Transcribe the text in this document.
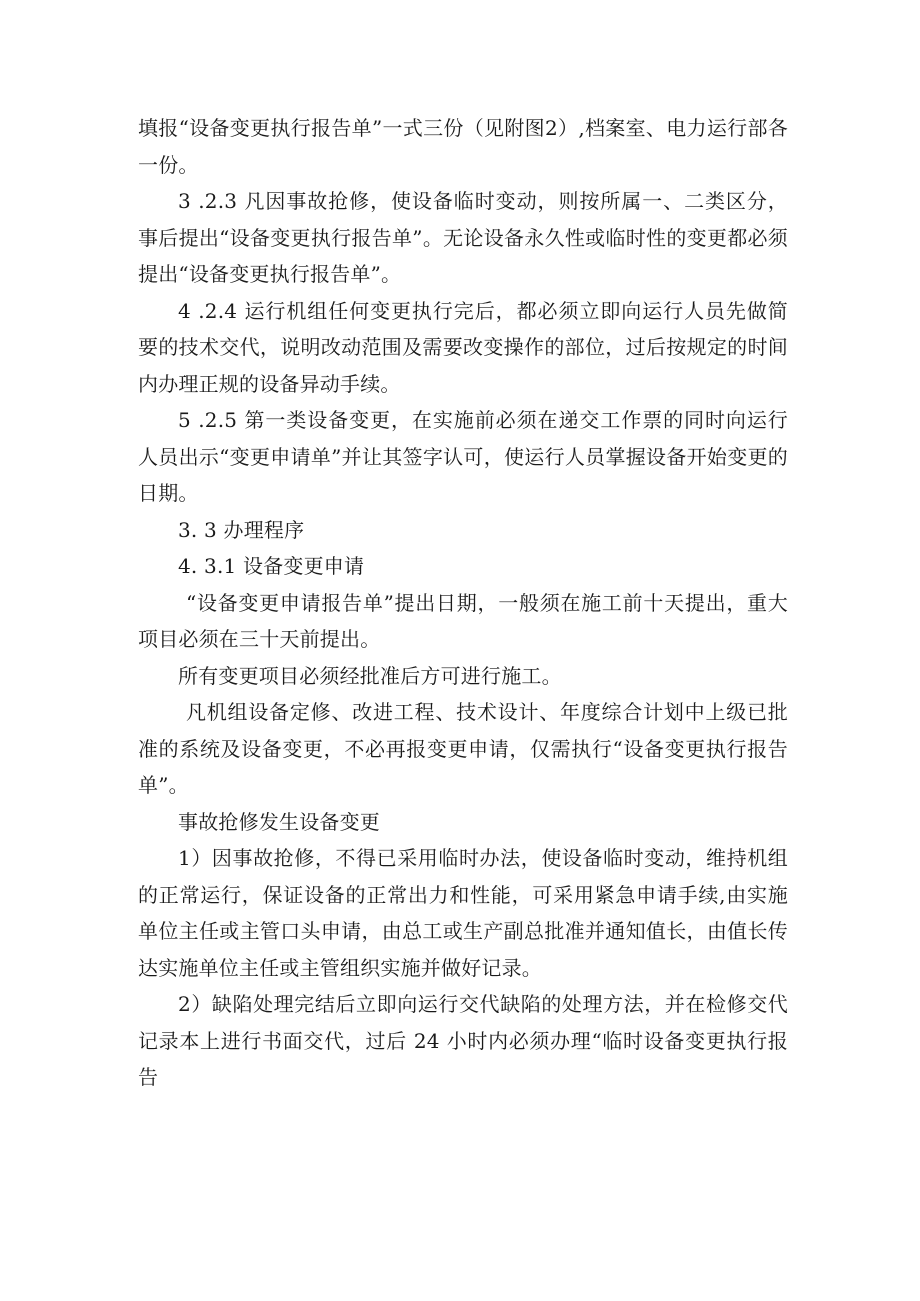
填报“设备变更执行报告单”一式三份（见附图2）,档案室、电力运行部各一份。

3 .2.3 凡因事故抢修，使设备临时变动，则按所属一、二类区分，事后提出“设备变更执行报告单”。无论设备永久性或临时性的变更都必须提出“设备变更执行报告单”。

4 .2.4 运行机组任何变更执行完后，都必须立即向运行人员先做简要的技术交代，说明改动范围及需要改变操作的部位，过后按规定的时间内办理正规的设备异动手续。

5 .2.5 第一类设备变更，在实施前必须在递交工作票的同时向运行人员出示“变更申请单”并让其签字认可，使运行人员掌握设备开始变更的日期。

3. 3 办理程序

4. 3.1 设备变更申请

“设备变更申请报告单”提出日期，一般须在施工前十天提出，重大项目必须在三十天前提出。

所有变更项目必须经批准后方可进行施工。

凡机组设备定修、改进工程、技术设计、年度综合计划中上级已批准的系统及设备变更，不必再报变更申请，仅需执行“设备变更执行报告单”。

事故抢修发生设备变更

1）因事故抢修，不得已采用临时办法，使设备临时变动，维持机组的正常运行，保证设备的正常出力和性能，可采用紧急申请手续,由实施单位主任或主管口头申请，由总工或生产副总批准并通知值长，由值长传达实施单位主任或主管组织实施并做好记录。

2）缺陷处理完结后立即向运行交代缺陷的处理方法，并在检修交代记录本上进行书面交代，过后 24 小时内必须办理“临时设备变更执行报告
